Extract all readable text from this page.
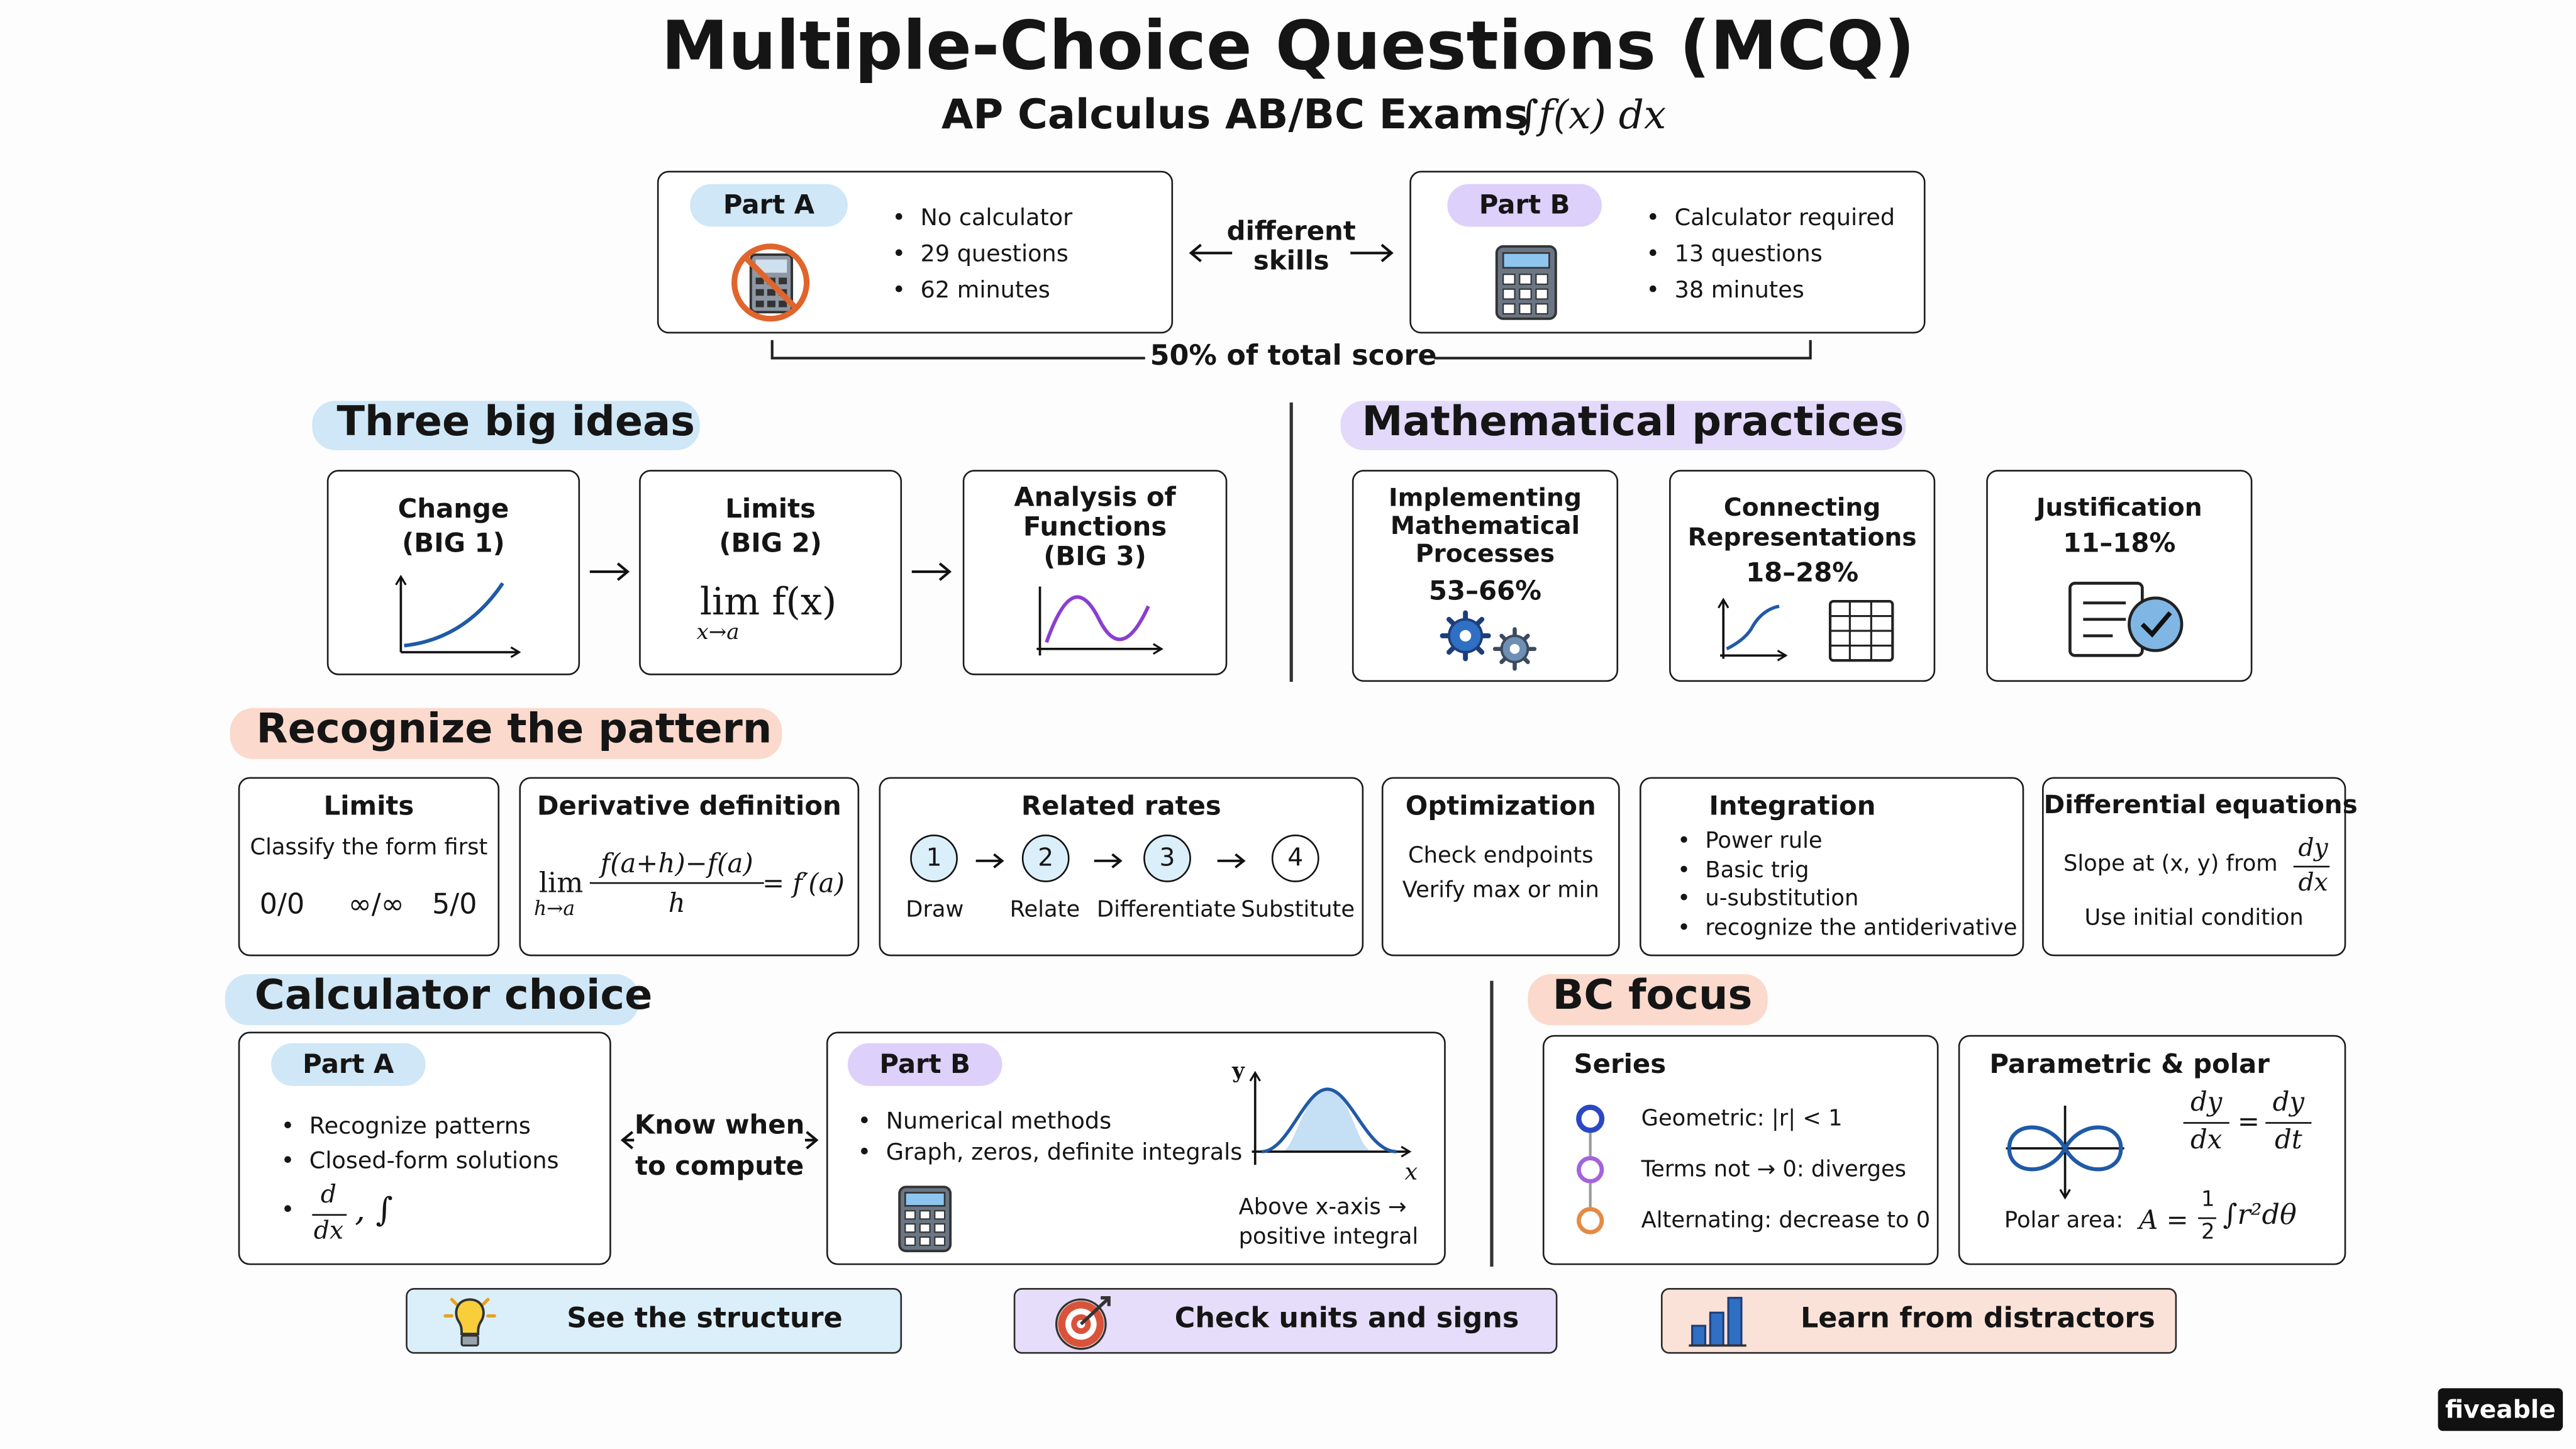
Multiple-Choice Questions (MCQ)
AP Calculus AB/BC Exams
∫f(x) dx
Part A	• No calculator
• 29 questions
• 62 minutes
different
skills
Part B	• Calculator required
• 13 questions
• 38 minutes
50% of total score
Three big ideas
Change
(BIG 1)
Limits
(BIG 2)
lim f(x)
x→a
Analysis of
Functions
(BIG 3)
Mathematical practices
Implementing
Mathematical
Processes
53–66%
Connecting
Representations
18–28%
Justification
11–18%
Recognize the pattern
Limits
Classify the form first
0/0	∞/∞	5/0
Derivative definition
lim
h→a
f(a+h)−f(a)
h
= f′(a)
Related rates
1	2	3	4
Draw	Relate	Differentiate Substitute
Optimization
Check endpoints
Verify max or min
Integration
• Power rule
• Basic trig
• u-substitution
• recognize the antiderivative
Differential equations
Slope at (x, y) from
dy
dx
Use initial condition
Calculator choice
Part A
• Recognize patterns
• Closed-form solutions
•
d
dx
, ∫
Know when
to compute
Part B
• Numerical methods
• Graph, zeros, definite integrals
y
x
Above x-axis →
positive integral
BC focus
Series
Geometric: |r| < 1
Terms not → 0: diverges
Alternating: decrease to 0
Parametric & polar
dy
dx
=
dy
dt
Polar area: A =
1
2
∫r²dθ
See the structure	Check units and signs	Learn from distractors
fiveable
